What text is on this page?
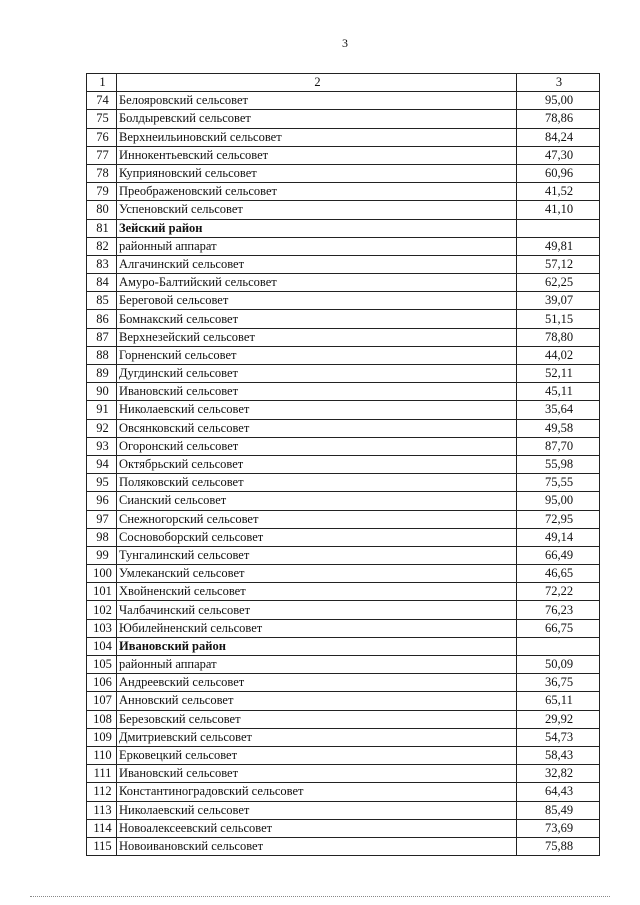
3
1	2	3
74	Белояровский сельсовет	95,00
75	Болдыревский сельсовет	78,86
76	Верхнеильиновский сельсовет	84,24
77	Иннокентьевский сельсовет	47,30
78	Куприяновский сельсовет	60,96
79	Преображеновский сельсовет	41,52
80	Успеновский сельсовет	41,10
81	Зейский район	
82	районный аппарат	49,81
83	Алгачинский сельсовет	57,12
84	Амуро-Балтийский сельсовет	62,25
85	Береговой сельсовет	39,07
86	Бомнакский сельсовет	51,15
87	Верхнезейский сельсовет	78,80
88	Горненский сельсовет	44,02
89	Дугдинский сельсовет	52,11
90	Ивановский сельсовет	45,11
91	Николаевский сельсовет	35,64
92	Овсянковский сельсовет	49,58
93	Огоронский сельсовет	87,70
94	Октябрьский сельсовет	55,98
95	Поляковский сельсовет	75,55
96	Сианский сельсовет	95,00
97	Снежногорский сельсовет	72,95
98	Сосновоборский сельсовет	49,14
99	Тунгалинский сельсовет	66,49
100	Умлеканский сельсовет	46,65
101	Хвойненский сельсовет	72,22
102	Чалбачинский сельсовет	76,23
103	Юбилейненский сельсовет	66,75
104	Ивановский район	
105	районный аппарат	50,09
106	Андреевский сельсовет	36,75
107	Анновский сельсовет	65,11
108	Березовский сельсовет	29,92
109	Дмитриевский сельсовет	54,73
110	Ерковецкий сельсовет	58,43
111	Ивановский сельсовет	32,82
112	Константиноградовский сельсовет	64,43
113	Николаевский сельсовет	85,49
114	Новоалексеевский сельсовет	73,69
115	Новоивановский сельсовет	75,88
